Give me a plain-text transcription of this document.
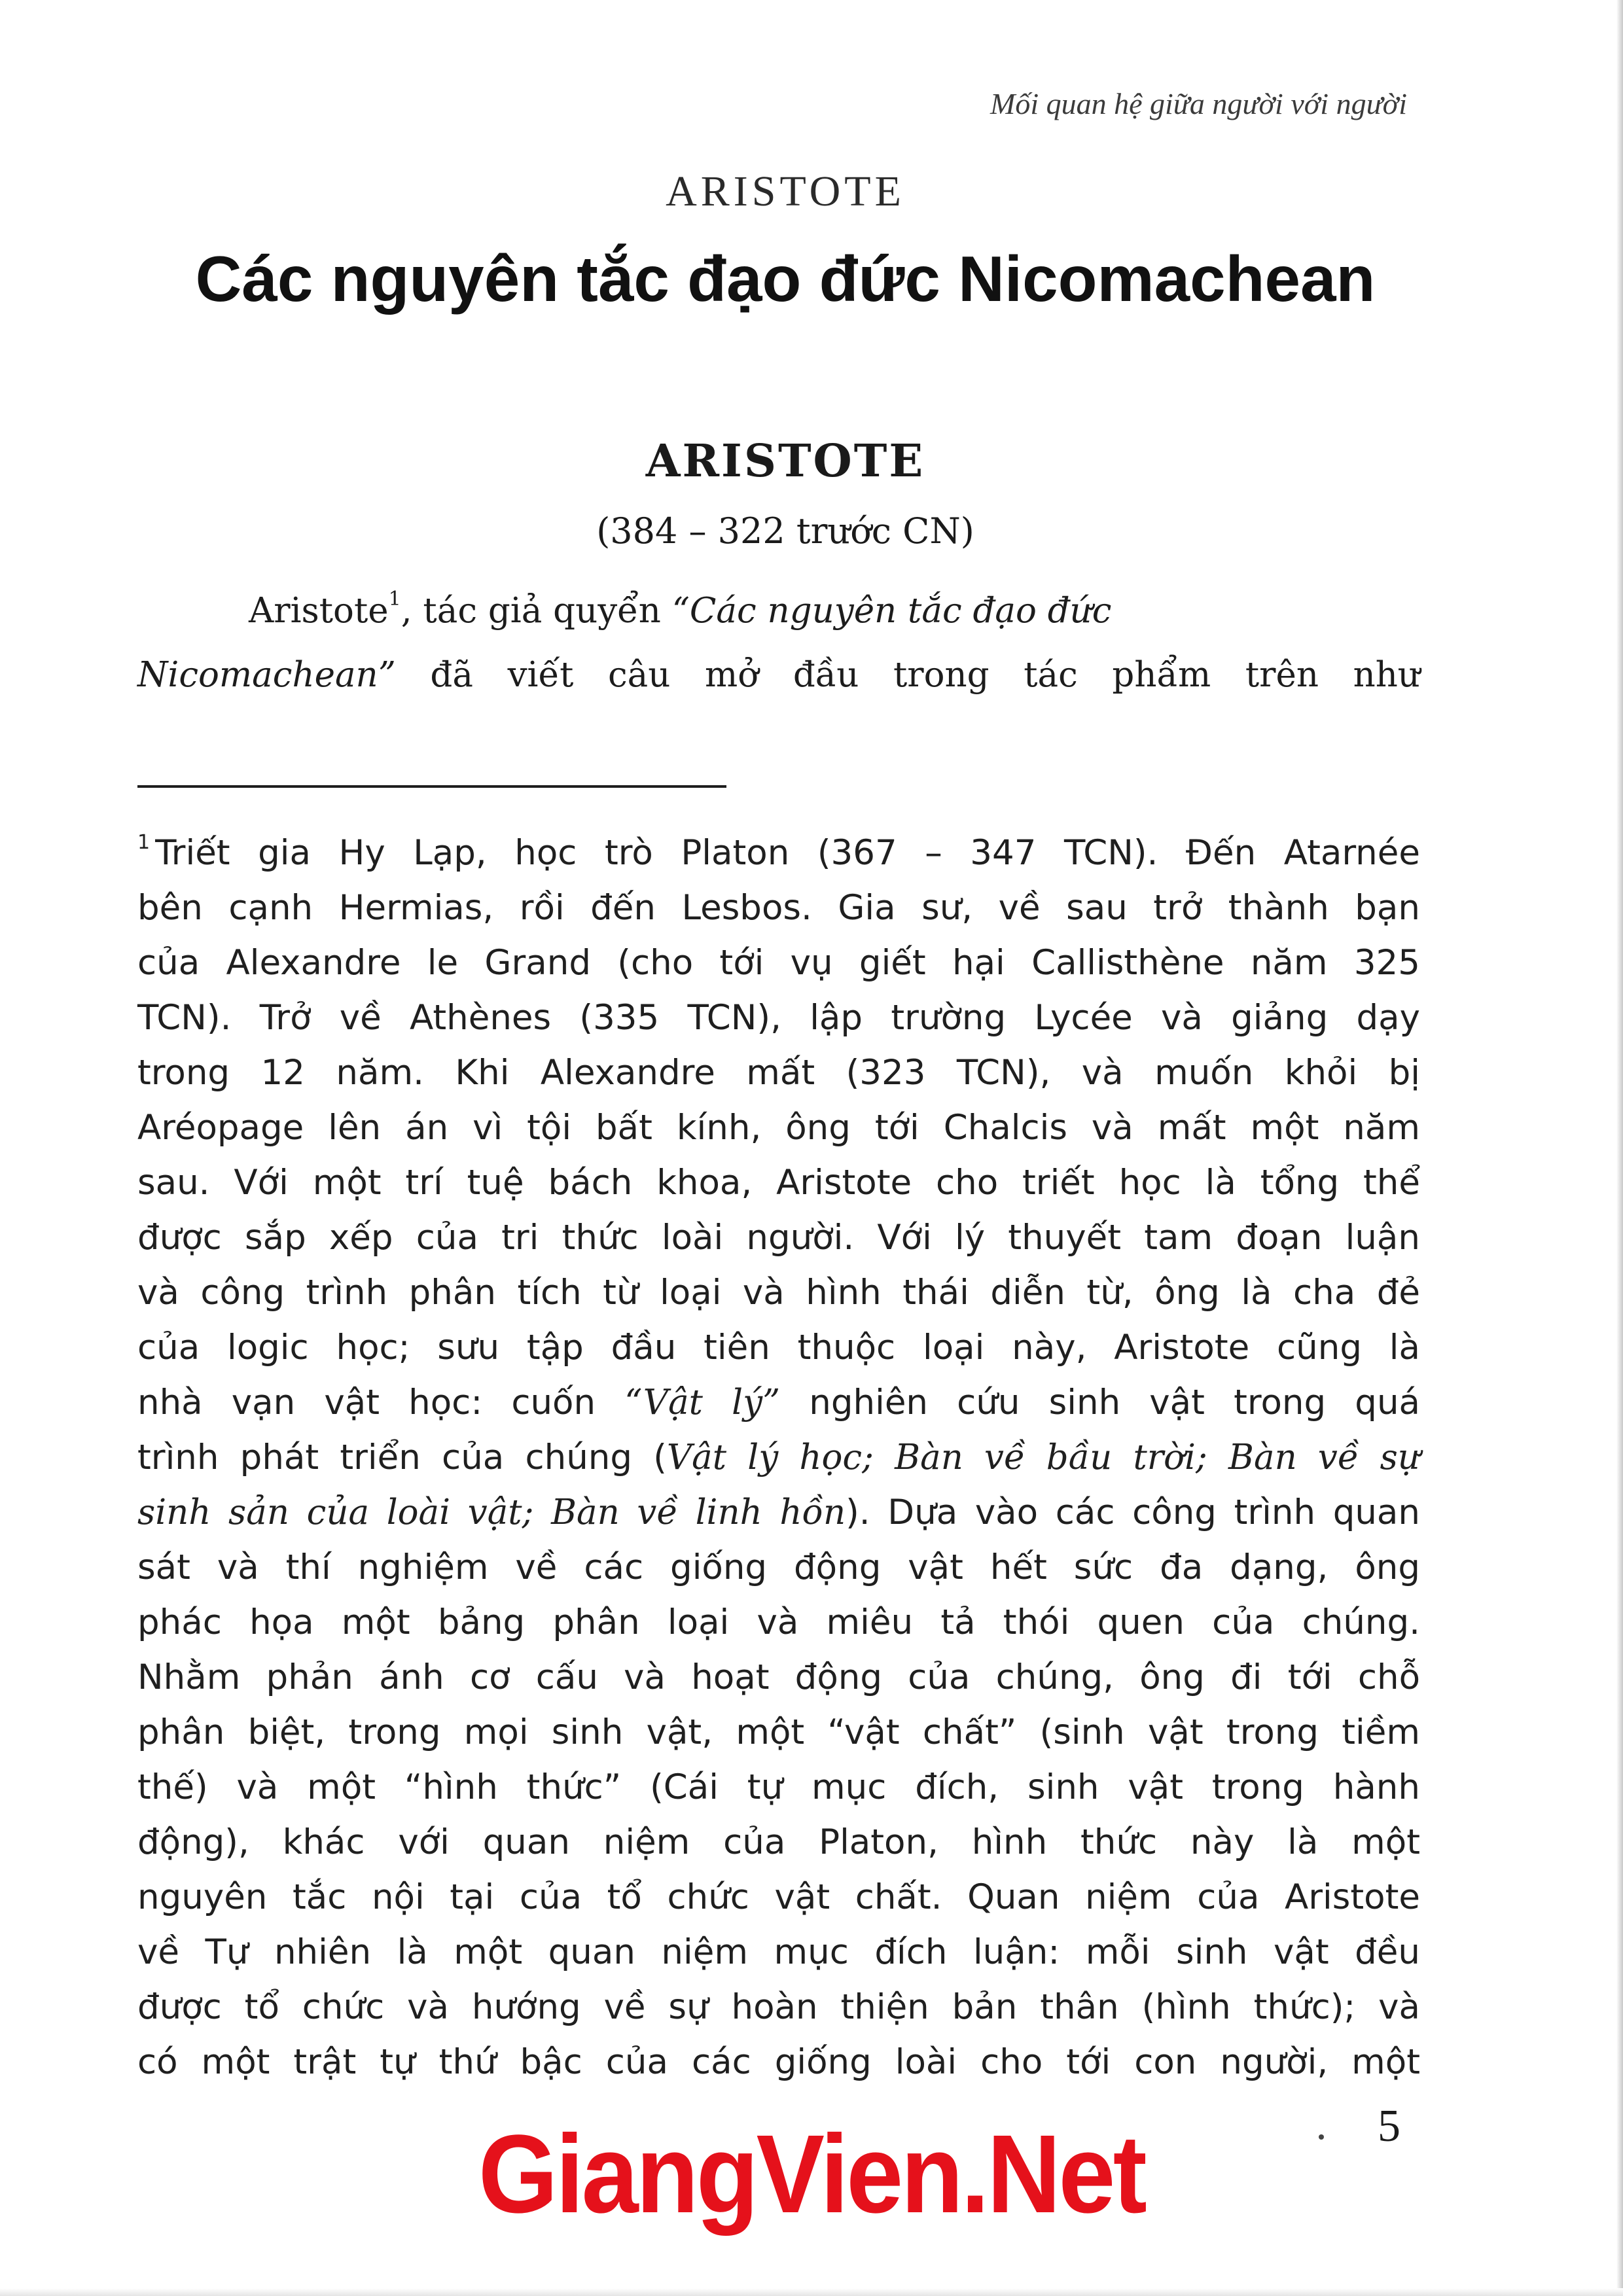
Mối quan hệ giữa người với người
ARISTOTE
Các nguyên tắc đạo đức Nicomachean
ARISTOTE
(384 – 322 trước CN)
Aristote$^1$, tác giả quyển “Các nguyên tắc đạo đức
Nicomachean” đã viết câu mở đầu trong tác phẩm trên như
$^1$ Triết gia Hy Lạp, học trò Platon (367 – 347 TCN). Đến Atarnée
bên cạnh Hermias, rồi đến Lesbos. Gia sư, về sau trở thành bạn
của Alexandre le Grand (cho tới vụ giết hại Callisthène năm 325
TCN). Trở về Athènes (335 TCN), lập trường Lycée và giảng dạy
trong 12 năm. Khi Alexandre mất (323 TCN), và muốn khỏi bị
Aréopage lên án vì tội bất kính, ông tới Chalcis và mất một năm
sau. Với một trí tuệ bách khoa, Aristote cho triết học là tổng thể
được sắp xếp của tri thức loài người. Với lý thuyết tam đoạn luận
và công trình phân tích từ loại và hình thái diễn từ, ông là cha đẻ
của logic học; sưu tập đầu tiên thuộc loại này, Aristote cũng là
nhà vạn vật học: cuốn “Vật lý” nghiên cứu sinh vật trong quá
trình phát triển của chúng (Vật lý học; Bàn về bầu trời; Bàn về sự
sinh sản của loài vật; Bàn về linh hồn). Dựa vào các công trình quan
sát và thí nghiệm về các giống động vật hết sức đa dạng, ông
phác họa một bảng phân loại và miêu tả thói quen của chúng.
Nhằm phản ánh cơ cấu và hoạt động của chúng, ông đi tới chỗ
phân biệt, trong mọi sinh vật, một “vật chất” (sinh vật trong tiềm
thế) và một “hình thức” (Cái tự mục đích, sinh vật trong hành
động), khác với quan niệm của Platon, hình thức này là một
nguyên tắc nội tại của tổ chức vật chất. Quan niệm của Aristote
về Tự nhiên là một quan niệm mục đích luận: mỗi sinh vật đều
được tổ chức và hướng về sự hoàn thiện bản thân (hình thức); và
có một trật tự thứ bậc của các giống loài cho tới con người, một
GiangVien.Net	5
